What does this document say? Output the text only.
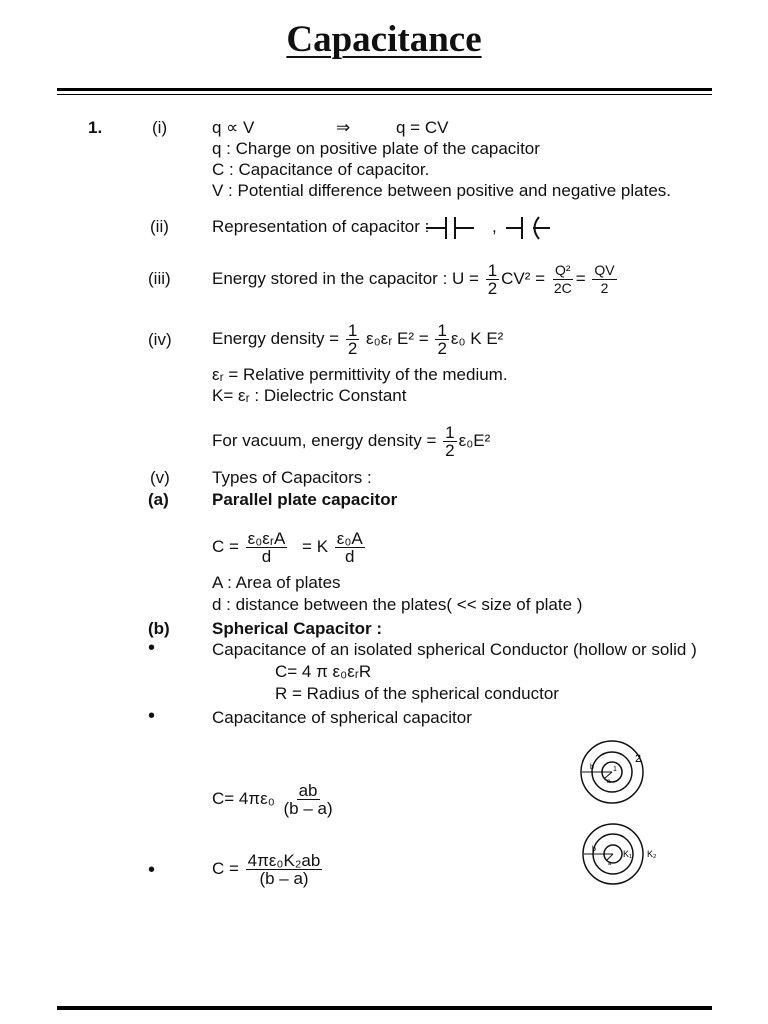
Capacitance
1.	(i)	q ∝ V	⇒	q = CV
q : Charge on positive plate of the capacitor
C : Capacitance of capacitor.
V : Potential difference between positive and negative plates.
(ii)	Representation of capacitor :	,
(iii) Energy stored in the capacitor : $U = \frac{1}{2} CV^2 = \frac{\text{Q²}}{2C} = \frac{QV}{2}$
(iv) Energy density = $\frac{1}{2}$ ε₀εᵣ $E^2 = \frac{1}{2} \varepsilon_0$ K E²
εᵣ = Relative permittivity of the medium.
K= εᵣ : Dielectric Constant
For vacuum, energy density = $\frac{1}{2} \varepsilon_0E^2$
(v) Types of Capacitors :
(a)	Parallel plate capacitor
$C = \frac{\text{ε₀εᵣA}}{d} = K \frac{\text{ε₀A}}{d}$
A : Area of plates
d : distance between the plates( << size of plate )
(b) Spherical Capacitor :
•	Capacitance of an isolated spherical Conductor (hollow or solid )
C= 4 π ε₀εᵣR
R = Radius of the spherical conductor
•	Capacitance of spherical capacitor
$C= 4\pi\varepsilon_0 \frac{ab}{(b - a)}$
•	$C = \frac{\text{4πε₀K₂ab}}{(b - a)}$
b
a
1
2
b
a
K₁ K₂
